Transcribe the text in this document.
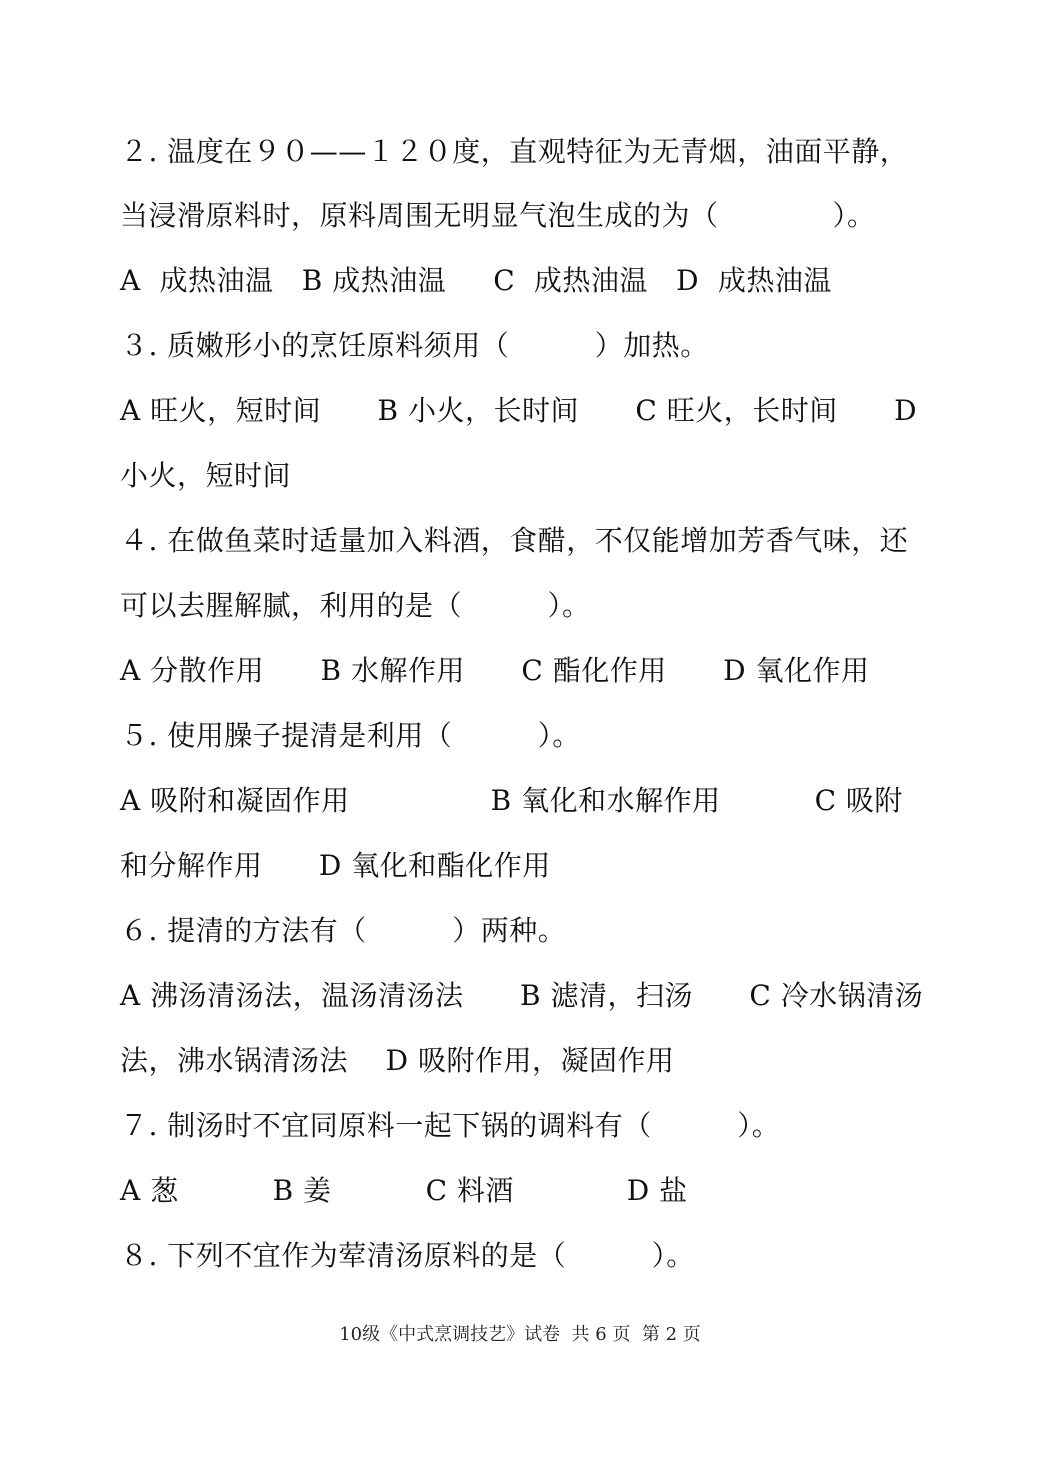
２. 温度在９０——１２０度，直观特征为无青烟，油面平静，
当浸滑原料时，原料周围无明显气泡生成的为（　　　　）。
A  成热油温   B 成热油温     C  成热油温   D  成热油温
３. 质嫩形小的烹饪原料须用（　　　）加热。
A 旺火，短时间      B 小火，长时间      C 旺火，长时间      D
小火，短时间
４. 在做鱼菜时适量加入料酒，食醋，不仅能增加芳香气味，还
可以去腥解腻，利用的是（　　　）。
A 分散作用      B 水解作用      C 酯化作用      D 氧化作用
５. 使用臊子提清是利用（　　　）。
A 吸附和凝固作用               B 氧化和水解作用          C 吸附
和分解作用      D 氧化和酯化作用
６. 提清的方法有（　　　）两种。
A 沸汤清汤法，温汤清汤法      B 滤清，扫汤      C 冷水锅清汤
法，沸水锅清汤法    D 吸附作用，凝固作用
７. 制汤时不宜同原料一起下锅的调料有（　　　）。
A 葱          B 姜          C 料酒            D 盐
８. 下列不宜作为荤清汤原料的是（　　　）。
10级《中式烹调技艺》试卷  共 6 页  第 2 页
